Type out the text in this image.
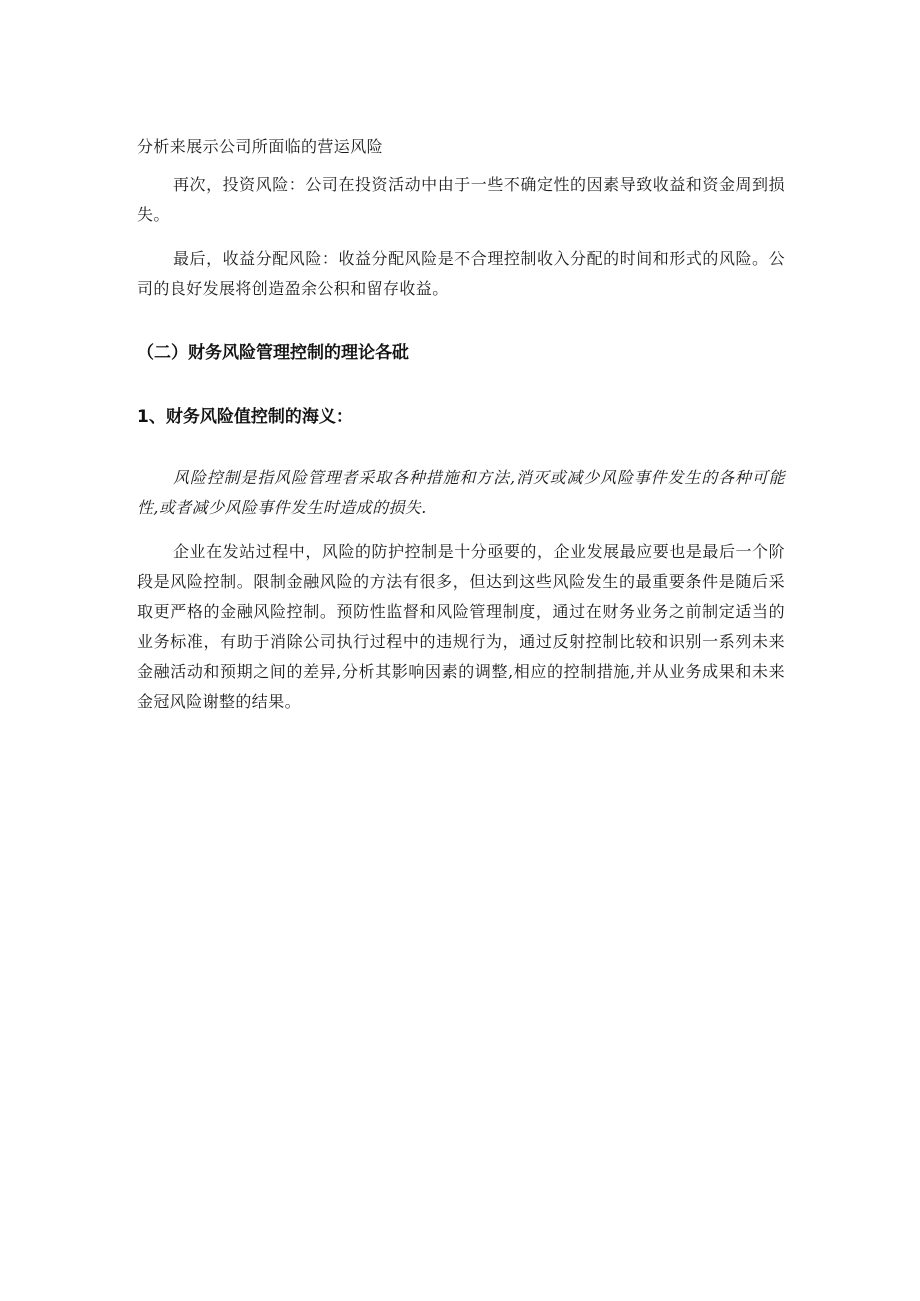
分析来展示公司所面临的营运风险

再次，投资风险：公司在投资活动中由于一些不确定性的因素导致收益和资金周到损失。

最后，收益分配风险：收益分配风险是不合理控制收入分配的时间和形式的风险。公司的良好发展将创造盈余公积和留存收益。

（二）财务风险管理控制的理论各砒
1、财务风险值控制的海义：

风险控制是指风险管理者采取各种措施和方法,消灭或减少风险事件发生的各种可能性,或者减少风险事件发生时造成的损失.

企业在发站过程中，风险的防护控制是十分亟要的，企业发展最应要也是最后一个阶段是风险控制。限制金融风险的方法有很多，但达到这些风险发生的最重要条件是随后采取更严格的金融风险控制。预防性监督和风险管理制度，通过在财务业务之前制定适当的业务标准，有助于消除公司执行过程中的违规行为，通过反射控制比较和识别一系列未来金融活动和预期之间的差异,分析其影响因素的调整,相应的控制措施,并从业务成果和未来金冠风险谢整的结果。
